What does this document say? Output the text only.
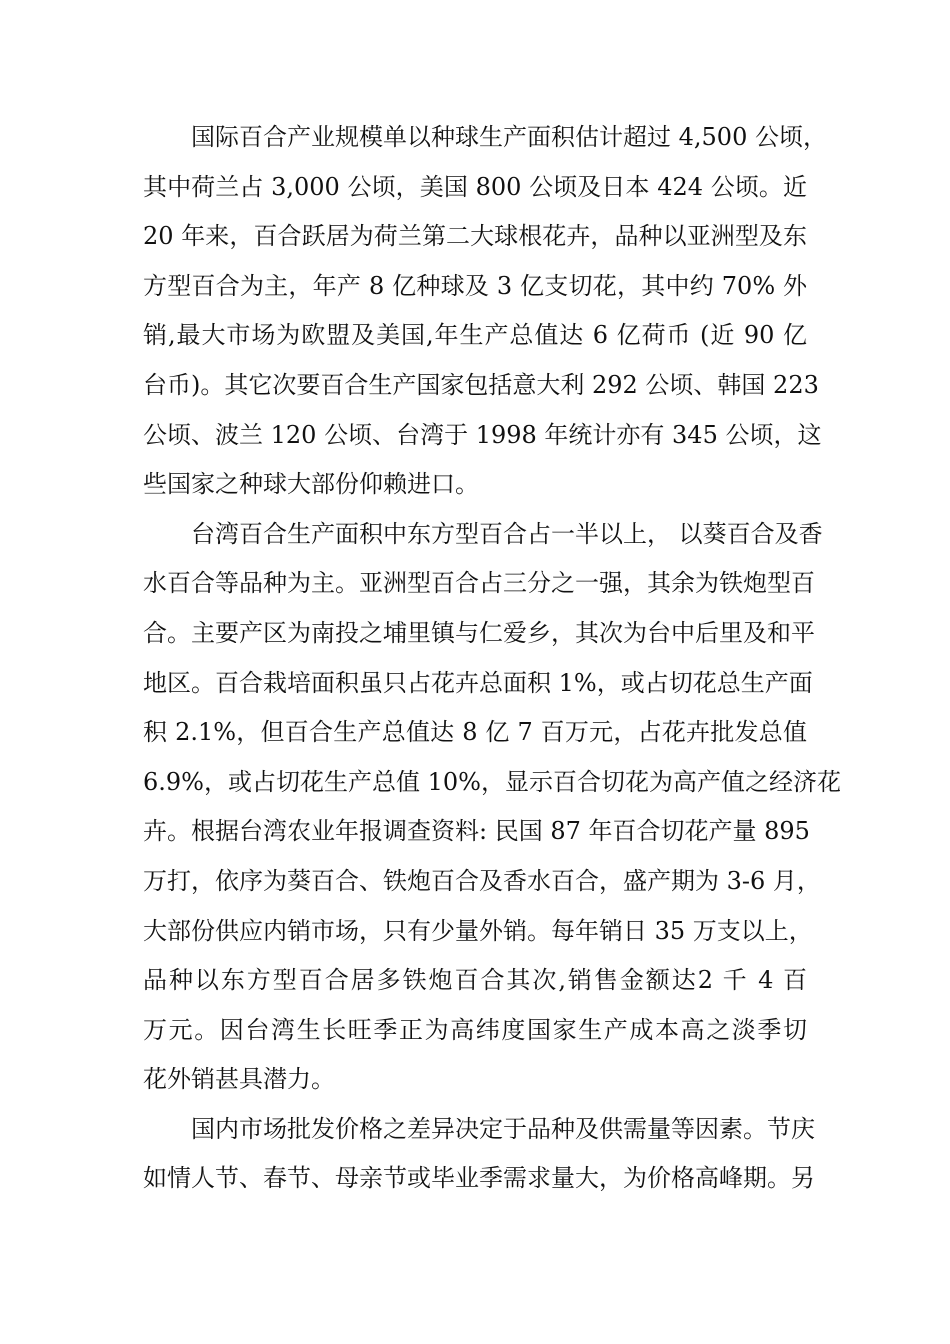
国际百合产业规模单以种球生产面积估计超过 4,500 公顷，
其中荷兰占 3,000 公顷，美国 800 公顷及日本 424 公顷。近
20 年来，百合跃居为荷兰第二大球根花卉，品种以亚洲型及东
方型百合为主，年产 8 亿种球及 3 亿支切花，其中约 70% 外
销,最大市场为欧盟及美国,年生产总值达 6 亿荷币 (近 90 亿
台币)。其它次要百合生产国家包括意大利 292 公顷、韩国 223
公顷、波兰 120 公顷、台湾于 1998 年统计亦有 345 公顷，这
些国家之种球大部份仰赖进口。
台湾百合生产面积中东方型百合占一半以上， 以葵百合及香
水百合等品种为主。亚洲型百合占三分之一强，其余为铁炮型百
合。主要产区为南投之埔里镇与仁爱乡，其次为台中后里及和平
地区。百合栽培面积虽只占花卉总面积 1%，或占切花总生产面
积 2.1%，但百合生产总值达 8 亿 7 百万元，占花卉批发总值
6.9%，或占切花生产总值 10%，显示百合切花为高产值之经济花
卉。根据台湾农业年报调查资料: 民国 87 年百合切花产量 895
万打，依序为葵百合、铁炮百合及香水百合，盛产期为 3-6 月，
大部份供应内销市场，只有少量外销。每年销日 35 万支以上，
品种以东方型百合居多铁炮百合其次,销售金额达2 千 4 百
万元。因台湾生长旺季正为高纬度国家生产成本高之淡季切
花外销甚具潜力。
国内市场批发价格之差异决定于品种及供需量等因素。节庆
如情人节、春节、母亲节或毕业季需求量大，为价格高峰期。另
